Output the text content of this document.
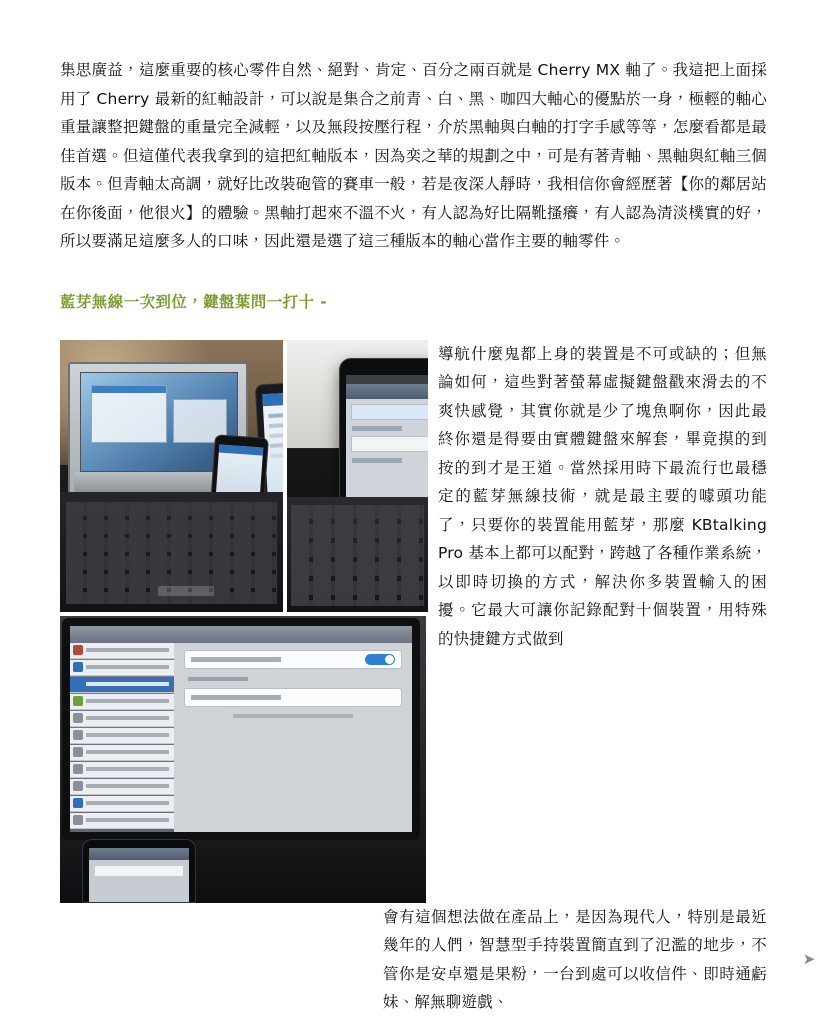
集思廣益，這麼重要的核心零件自然、絕對、肯定、百分之兩百就是 Cherry MX 軸了。我這把上面採用了 Cherry 最新的紅軸設計，可以說是集合之前青、白、黑、咖四大軸心的優點於一身，極輕的軸心重量讓整把鍵盤的重量完全減輕，以及無段按壓行程，介於黑軸與白軸的打字手感等等，怎麼看都是最佳首選。但這僅代表我拿到的這把紅軸版本，因為奕之華的規劃之中，可是有著青軸、黑軸與紅軸三個版本。但青軸太高調，就好比改裝砲管的賽車一般，若是夜深人靜時，我相信你會經歷著【你的鄰居站在你後面，他很火】的體驗。黑軸打起來不溫不火，有人認為好比隔靴搔癢，有人認為清淡樸實的好，所以要滿足這麼多人的口味，因此還是選了這三種版本的軸心當作主要的軸零件。

藍芽無線一次到位，鍵盤葉問一打十 -

會有這個想法做在產品上，是因為現代人，特別是最近幾年的人們，智慧型手持裝置簡直到了氾濫的地步，不管你是安卓還是果粉，一台到處可以收信件、即時通虧妹、解無聊遊戲、

導航什麼鬼都上身的裝置是不可或缺的；但無論如何，這些對著螢幕虛擬鍵盤戳來滑去的不爽快感覺，其實你就是少了塊魚啊你，因此最終你還是得要由實體鍵盤來解套，畢竟摸的到按的到才是王道。當然採用時下最流行也最穩定的藍芽無線技術，就是最主要的噱頭功能了，只要你的裝置能用藍芽，那麼 KBtalking Pro 基本上都可以配對，跨越了各種作業系統，以即時切換的方式，解決你多裝置輸入的困擾。它最大可讓你記錄配對十個裝置，用特殊的快捷鍵方式做到

➤
